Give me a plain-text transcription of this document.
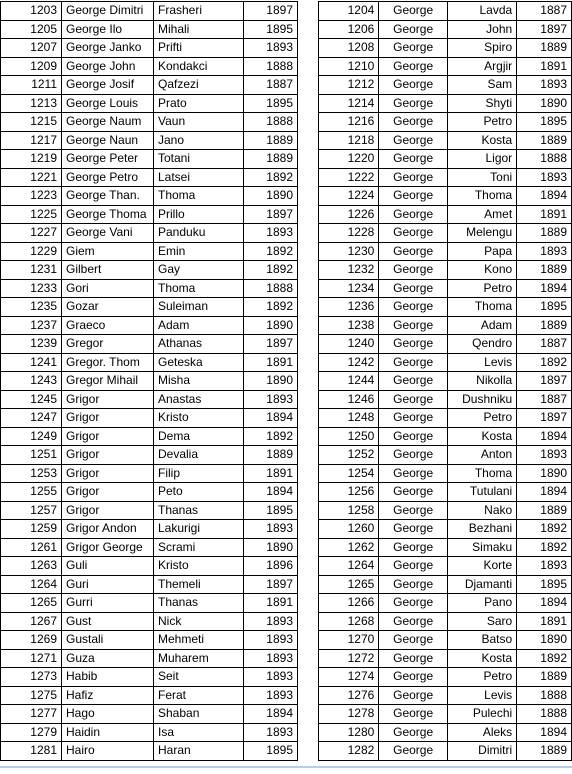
1203	George Dimitri	Frasheri	1897
1205	George Ilo	Mihali	1895
1207	George Janko	Prifti	1893
1209	George John	Kondakci	1888
1211	George Josif	Qafzezi	1887
1213	George Louis	Prato	1895
1215	George Naum	Vaun	1888
1217	George Naun	Jano	1889
1219	George Peter	Totani	1889
1221	George Petro	Latsei	1892
1223	George Than.	Thoma	1890
1225	George Thoma	Prillo	1897
1227	George Vani	Panduku	1893
1229	Giem	Emin	1892
1231	Gilbert	Gay	1892
1233	Gori	Thoma	1888
1235	Gozar	Suleiman	1892
1237	Graeco	Adam	1890
1239	Gregor	Athanas	1897
1241	Gregor. Thom	Geteska	1891
1243	Gregor Mihail	Misha	1890
1245	Grigor	Anastas	1893
1247	Grigor	Kristo	1894
1249	Grigor	Dema	1892
1251	Grigor	Devalia	1889
1253	Grigor	Filip	1891
1255	Grigor	Peto	1894
1257	Grigor	Thanas	1895
1259	Grigor Andon	Lakurigi	1893
1261	Grigor George	Scrami	1890
1263	Guli	Kristo	1896
1264	Guri	Themeli	1897
1265	Gurri	Thanas	1891
1267	Gust	Nick	1893
1269	Gustali	Mehmeti	1893
1271	Guza	Muharem	1893
1273	Habib	Seit	1893
1275	Hafiz	Ferat	1893
1277	Hago	Shaban	1894
1279	Haidin	Isa	1893
1281	Hairo	Haran	1895
1204	George	Lavda	1887
1206	George	John	1897
1208	George	Spiro	1889
1210	George	Argjir	1891
1212	George	Sam	1893
1214	George	Shyti	1890
1216	George	Petro	1895
1218	George	Kosta	1889
1220	George	Ligor	1888
1222	George	Toni	1893
1224	George	Thoma	1894
1226	George	Amet	1891
1228	George	Melengu	1889
1230	George	Papa	1893
1232	George	Kono	1889
1234	George	Petro	1894
1236	George	Thoma	1895
1238	George	Adam	1889
1240	George	Qendro	1887
1242	George	Levis	1892
1244	George	Nikolla	1897
1246	George	Dushniku	1887
1248	George	Petro	1897
1250	George	Kosta	1894
1252	George	Anton	1893
1254	George	Thoma	1890
1256	George	Tutulani	1894
1258	George	Nako	1889
1260	George	Bezhani	1892
1262	George	Simaku	1892
1264	George	Korte	1893
1265	George	Djamanti	1895
1266	George	Pano	1894
1268	George	Saro	1891
1270	George	Batso	1890
1272	George	Kosta	1892
1274	George	Petro	1889
1276	George	Levis	1888
1278	George	Pulechi	1888
1280	George	Aleks	1894
1282	George	Dimitri	1889
